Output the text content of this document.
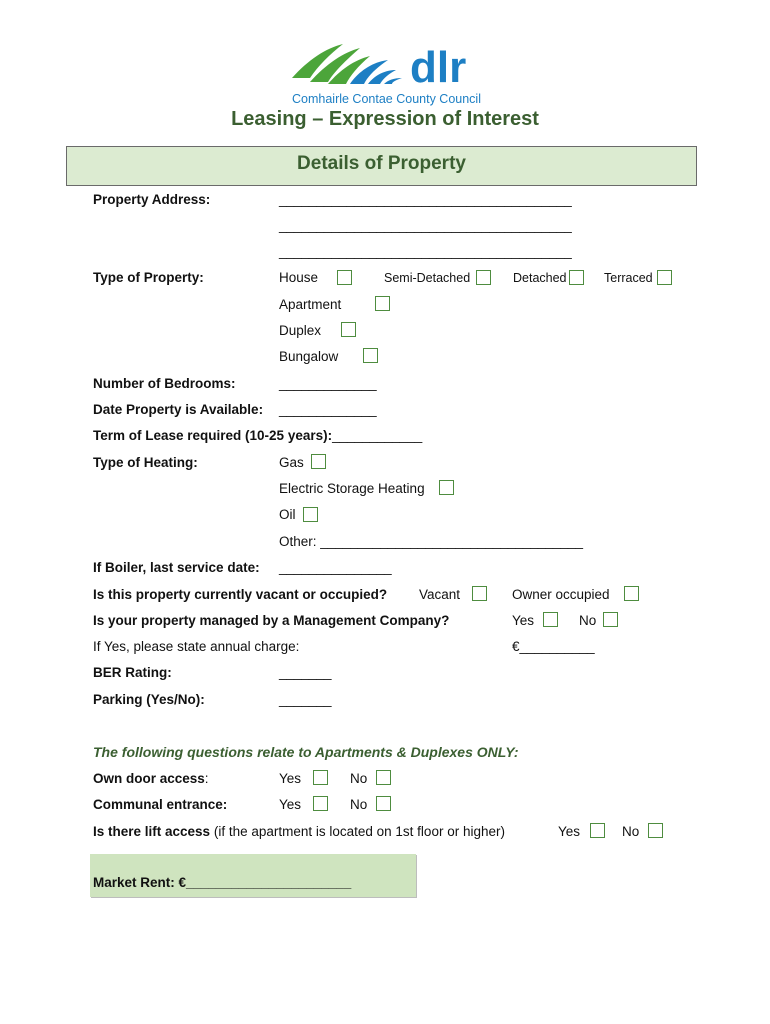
dlr
Comhairle Contae County Council
Leasing – Expression of Interest
Details of Property
Property Address:	_______________________________________
_______________________________________
_______________________________________
Type of Property:	House	Semi-Detached	Detached	Terraced
Apartment
Duplex
Bungalow
Number of Bedrooms:	_____________
Date Property is Available: _____________
Term of Lease required (10-25 years):____________
Type of Heating:	Gas
Electric Storage Heating
Oil
Other: ___________________________________
If Boiler, last service date: _______________
Is this property currently vacant or occupied? Vacant	Owner occupied
Is your property managed by a Management Company?	Yes	No
If Yes, please state annual charge:	€__________
BER Rating:	_______
Parking (Yes/No):	_______
The following questions relate to Apartments & Duplexes ONLY:
Own door access:	Yes	No
Communal entrance:	Yes	No
Is there lift access (if the apartment is located on 1st floor or higher)	Yes	No
Market Rent: €______________________
